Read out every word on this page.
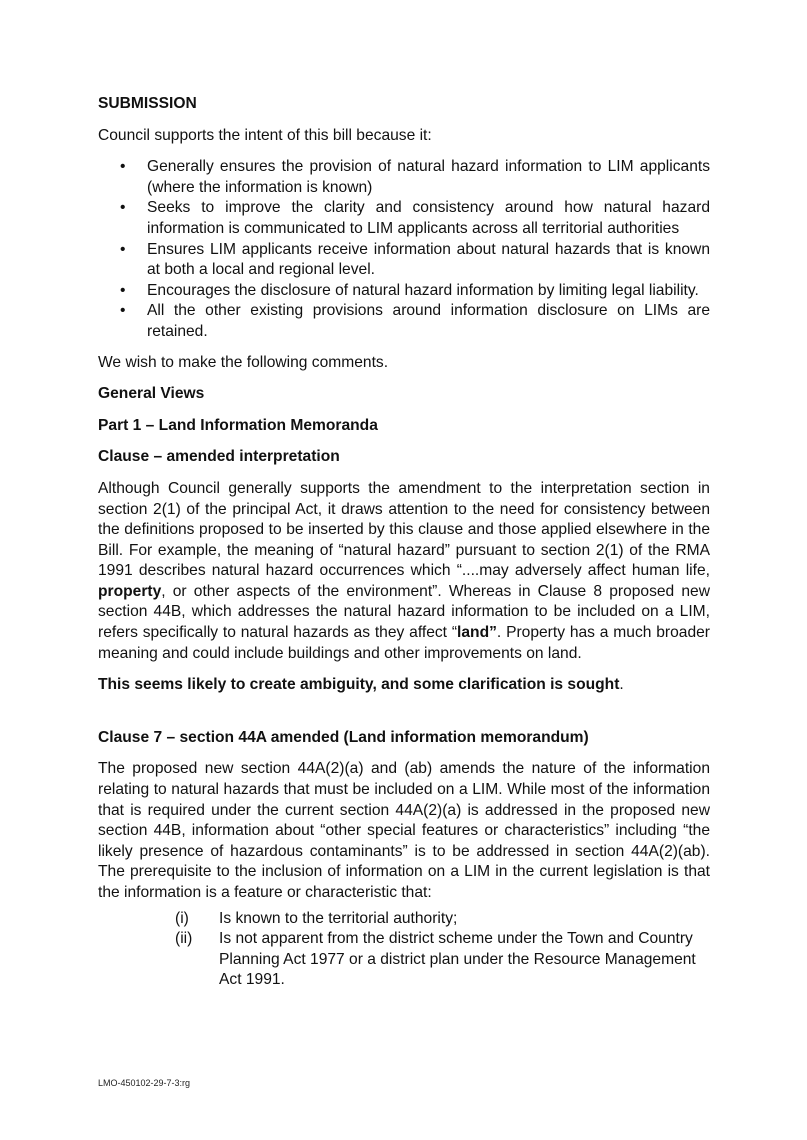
SUBMISSION

Council supports the intent of this bill because it:

• Generally ensures the provision of natural hazard information to LIM applicants (where the information is known)
• Seeks to improve the clarity and consistency around how natural hazard information is communicated to LIM applicants across all territorial authorities
• Ensures LIM applicants receive information about natural hazards that is known at both a local and regional level.
• Encourages the disclosure of natural hazard information by limiting legal liability.
• All the other existing provisions around information disclosure on LIMs are retained.

We wish to make the following comments.

General Views

Part 1 – Land Information Memoranda

Clause – amended interpretation

Although Council generally supports the amendment to the interpretation section in section 2(1) of the principal Act, it draws attention to the need for consistency between the definitions proposed to be inserted by this clause and those applied elsewhere in the Bill. For example, the meaning of “natural hazard” pursuant to section 2(1) of the RMA 1991 describes natural hazard occurrences which “....may adversely affect human life, property, or other aspects of the environment”. Whereas in Clause 8 proposed new section 44B, which addresses the natural hazard information to be included on a LIM, refers specifically to natural hazards as they affect “land”. Property has a much broader meaning and could include buildings and other improvements on land.

This seems likely to create ambiguity, and some clarification is sought.

Clause 7 – section 44A amended (Land information memorandum)

The proposed new section 44A(2)(a) and (ab) amends the nature of the information relating to natural hazards that must be included on a LIM. While most of the information that is required under the current section 44A(2)(a) is addressed in the proposed new section 44B, information about “other special features or characteristics” including “the likely presence of hazardous contaminants” is to be addressed in section 44A(2)(ab). The prerequisite to the inclusion of information on a LIM in the current legislation is that the information is a feature or characteristic that:

(i) Is known to the territorial authority;
(ii) Is not apparent from the district scheme under the Town and Country Planning Act 1977 or a district plan under the Resource Management Act 1991.
LMO-450102-29-7-3:rg
